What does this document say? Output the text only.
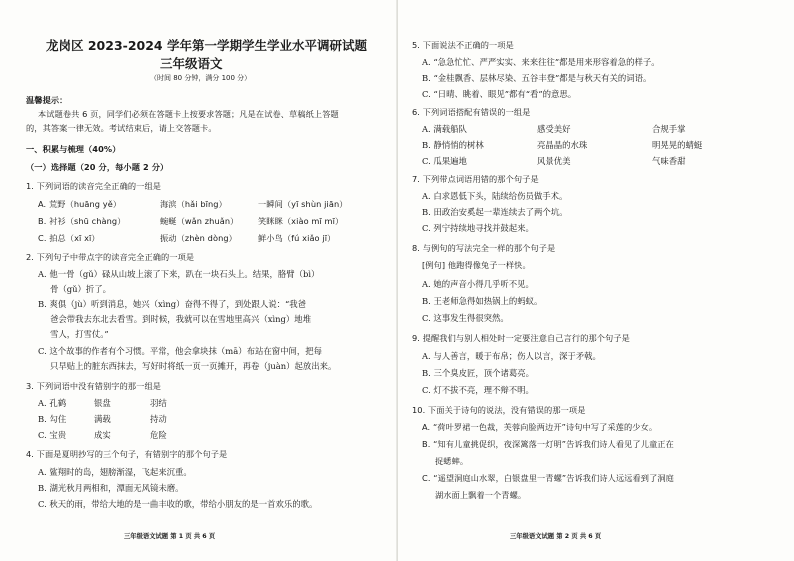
龙岗区 2023-2024 学年第一学期学生学业水平调研试题
三年级语文
（时间 80 分钟，满分 100 分）
温馨提示：
本试题卷共 6 页，同学们必须在答题卡上按要求答题；凡是在试卷、草稿纸上答题
的，其答案一律无效。考试结束后，请上交答题卡。
一、积累与梳理（40%）
（一）选择题（20 分，每小题 2 分）
1. 下列词语的读音完全正确的一组是
A. 荒野（huāng yě）	海滨（hǎi bīng）	一瞬间（yī shùn jiān）
B. 衬衫（shū chàng）	蜿蜒（wǎn zhuǎn） 笑眯眯（xiào mī mī）
C. 拍总（xī xī）	振动（zhèn dòng）	鲜小鸟（fú xiǎo jī）
2. 下列句子中带点字的读音完全正确的一项是
A. 他一骨（gǔ）碌从山坡上滚了下来，趴在一块石头上。结果，胳臂（bì）
骨（gǔ）折了。
B. 爽俱（jù）听到消息，她兴（xìng）奋得不得了，到处跟人说：“我爸
爸会带我去东北去看雪。到时候，我就可以在雪地里高兴（xìng）地堆
雪人，打雪仗。”
C. 这个故事的作者有个习惯。平常，他会拿块抹（mā）布站在窗中间，把每
只早贴上的脏东西抹去，写好时将纸一页一页摊开，再卷（juàn）起放出来。
3. 下列词语中没有错别字的那一组是
A. 孔鹤	银盘	羽结
B. 勾住	满载	持动
C. 宝贵	成实	危险
4. 下面是夏明抄写的三个句子，有错别字的那个句子是
A. 鲨翔时的岛，翅膀渐湿，飞起来沉重。
B. 湖光秋月两相和，潭面无风镜未磨。
C. 秋天的雨，带给大地的是一曲丰收的歌，带给小朋友的是一首欢乐的歌。
三年级语文试题 第 1 页 共 6 页
5. 下面说法不正确的一项是
A. “急急忙忙、严严实实、来来往往”都是用来形容着急的样子。
B. “金桂飘香、层林尽染、五谷丰登”都是与秋天有关的词语。
C. “日晴、眺着、眼见”都有“看”的意思。
6. 下列词语搭配有错误的一组是
A. 满载船队	感受美好	合规手掌
B. 静悄悄的树林	亮晶晶的水珠	明晃晃的蜻蜓
C. 瓜果遍地	风景优美	气味香甜
7. 下列带点词语用错的那个句子是
A. 白求恩低下头，陆续给伤员做手术。
B. 田政治安奚起一辈连续去了两个坑。
C. 列宁持续地寻找并鼓起来。
8. 与例句的写法完全一样的那个句子是
[例句] 他跑得像兔子一样快。
A. 她的声音小得几乎听不见。
B. 王老师急得如热锅上的蚂蚁。
C. 这事发生得很突然。
9. 提醒我们与别人相处时一定要注意自己言行的那个句子是
A. 与人善言，暖于布帛；伤人以言，深于矛戟。
B. 三个臭皮匠，顶个诸葛亮。
C. 灯不拔不亮，理不辩不明。
10. 下面关于诗句的说法，没有错误的那一项是
A. “荷叶罗裙一色裁，芙蓉向脸两边开”诗句中写了采莲的少女。
B. “知有儿童挑促织，夜深篱落一灯明”告诉我们诗人看见了儿童正在
捉蟋蟀。
C. “遥望洞庭山水翠，白银盘里一青螺”告诉我们诗人远远看到了洞庭
湖水面上飘着一个青螺。
三年级语文试题 第 2 页 共 6 页
